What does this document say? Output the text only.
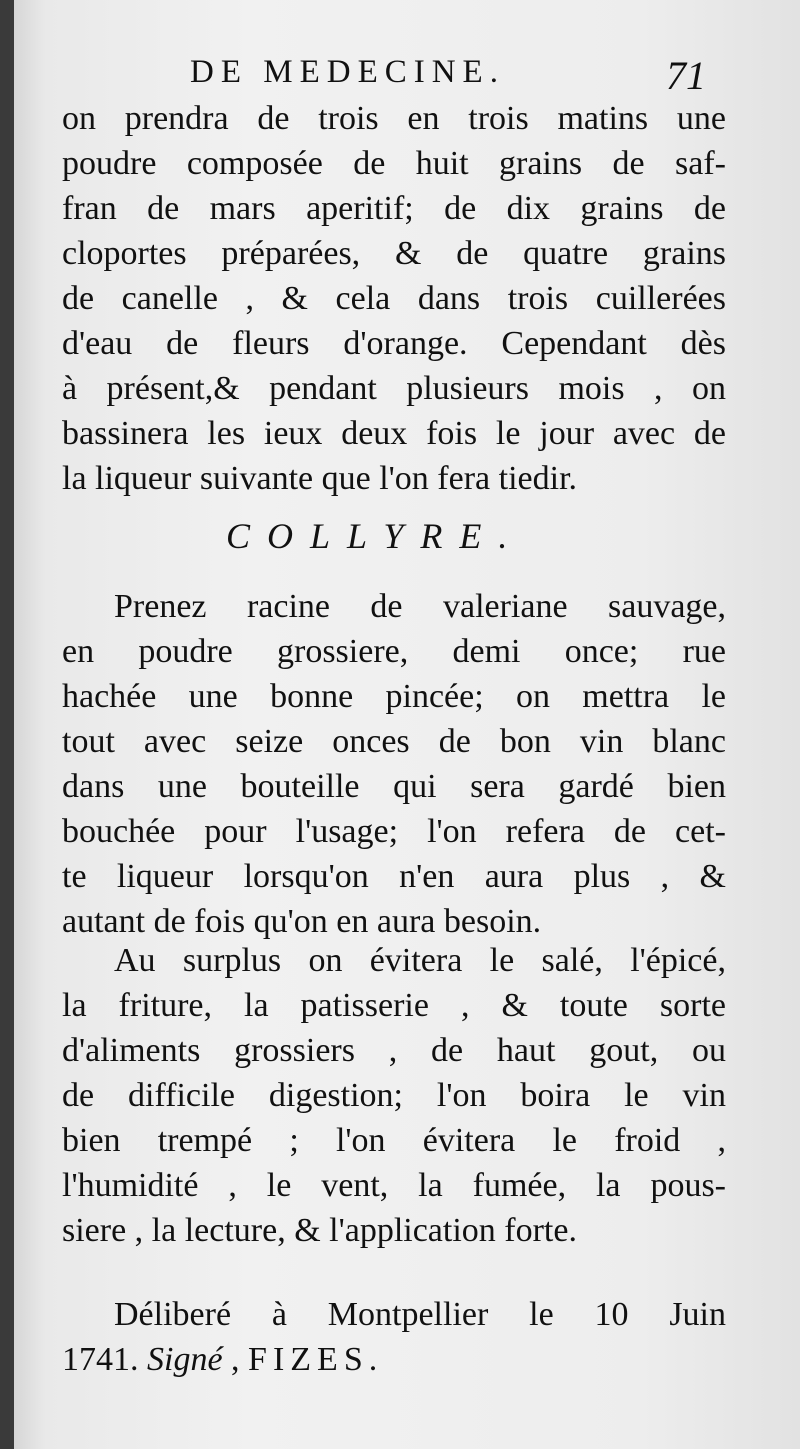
DE MEDECINE.	71
on prendra de trois en trois matins une
poudre composée de huit grains de saf-
fran de mars aperitif; de dix grains de
cloportes préparées, & de quatre grains
de canelle , & cela dans trois cuillerées
d'eau de fleurs d'orange. Cependant dès
à présent,& pendant plusieurs mois , on
bassinera les ieux deux fois le jour avec de
la liqueur suivante que l'on fera tiedir.
COLLYRE.
Prenez racine de valeriane sauvage,
en poudre grossiere, demi once; rue
hachée une bonne pincée; on mettra le
tout avec seize onces de bon vin blanc
dans une bouteille qui sera gardé bien
bouchée pour l'usage; l'on refera de cet-
te liqueur lorsqu'on n'en aura plus , &
autant de fois qu'on en aura besoin.
Au surplus on évitera le salé, l'épicé,
la friture, la patisserie , & toute sorte
d'aliments grossiers , de haut gout, ou
de difficile digestion; l'on boira le vin
bien trempé ; l'on évitera le froid ,
l'humidité , le vent, la fumée, la pous-
siere , la lecture, & l'application forte.
Déliberé à Montpellier le 10 Juin
1741. Signé , FIZES.
